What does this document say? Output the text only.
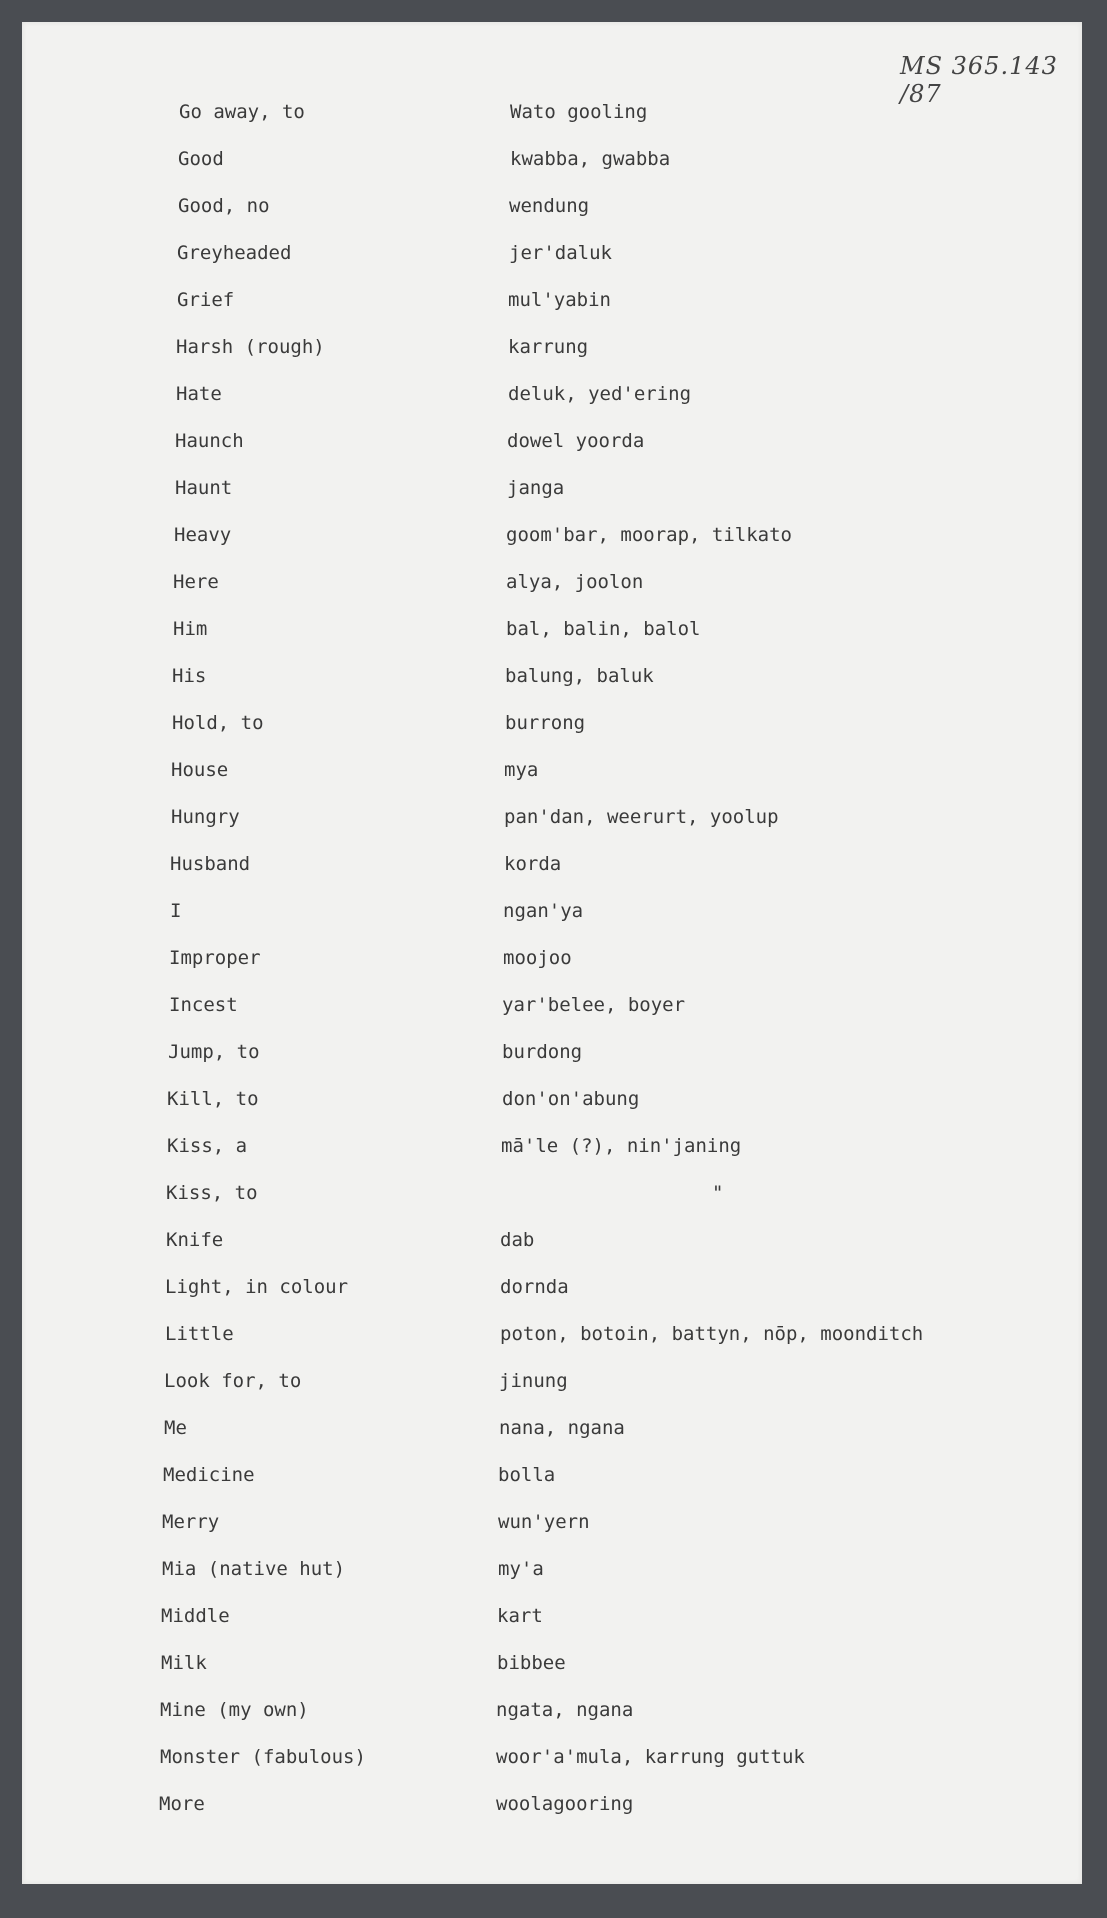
MS 365.143 /87
Go away, to	Wato gooling
Good	kwabba, gwabba
Good, no	wendung
Greyheaded	jer'daluk
Grief	mul'yabin
Harsh (rough)	karrung
Hate	deluk, yed'ering
Haunch	dowel yoorda
Haunt	janga
Heavy	goom'bar, moorap, tilkato
Here	alya, joolon
Him	bal, balin, balol
His	balung, baluk
Hold, to	burrong
House	mya
Hungry	pan'dan, weerurt, yoolup
Husband	korda
I	ngan'ya
Improper	moojoo
Incest	yar'belee, boyer
Jump, to	burdong
Kill, to	don'on'abung
Kiss, a	mā'le (?), nin'janing
Kiss, to	"
Knife	dab
Light, in colour	dornda
Little	poton, botoin, battyn, nōp, moonditch
Look for, to	jinung
Me	nana, ngana
Medicine	bolla
Merry	wun'yern
Mia (native hut)	my'a
Middle	kart
Milk	bibbee
Mine (my own)	ngata, ngana
Monster (fabulous)	woor'a'mula, karrung guttuk
More	woolagooring
